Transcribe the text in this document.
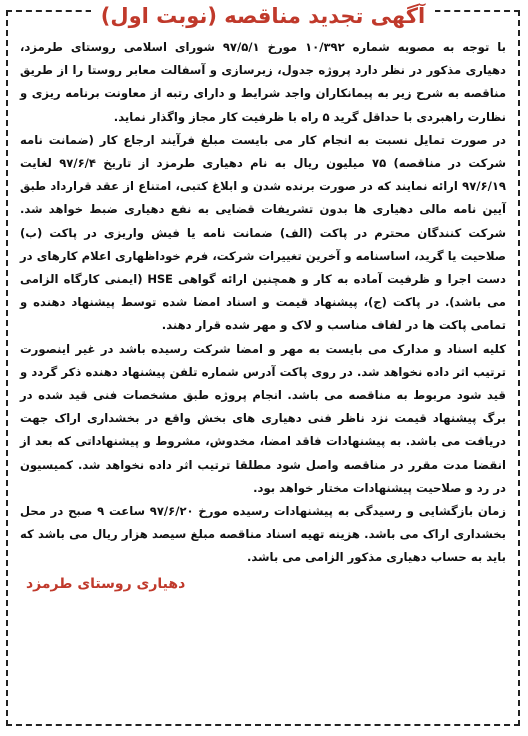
آگهی تجدید مناقصه (نوبت اول)

با توجه به مصوبه شماره ۱۰/۳۹۲ مورخ ۹۷/۵/۱ شورای اسلامی روستای طرمزد، دهیاری مذکور در نظر دارد پروژه جدول، زیرسازی و آسفالت معابر روستا را از طریق مناقصه به شرح زیر به پیمانکاران واجد شرایط و دارای رتبه از معاونت برنامه ریزی و نظارت راهبردی با حداقل گرید ۵ راه با ظرفیت کار مجاز واگذار نماید.

در صورت تمایل نسبت به انجام کار می بایست مبلغ فرآیند ارجاع کار (ضمانت نامه شرکت در مناقصه) ۷۵ میلیون ریال به نام دهیاری طرمزد از تاریخ ۹۷/۶/۴ لغایت ۹۷/۶/۱۹ ارائه نمایند که در صورت برنده شدن و ابلاغ کتبی، امتناع از عقد قرارداد طبق آیین نامه مالی دهیاری ها بدون تشریفات قضایی به نفع دهیاری ضبط خواهد شد. شرکت کنندگان محترم در پاکت (الف) ضمانت نامه یا فیش واریزی در پاکت (ب) صلاحیت یا گرید، اساسنامه و آخرین تغییرات شرکت، فرم خوداظهاری اعلام کارهای در دست اجرا و ظرفیت آماده به کار و همچنین ارائه گواهی HSE (ایمنی کارگاه الزامی می باشد). در پاکت (ج)، پیشنهاد قیمت و اسناد امضا شده توسط پیشنهاد دهنده و تمامی پاکت ها در لفاف مناسب و لاک و مهر شده قرار دهند.

کلیه اسناد و مدارک می بایست به مهر و امضا شرکت رسیده باشد در غیر اینصورت ترتیب اثر داده نخواهد شد. در روی پاکت آدرس شماره تلفن پیشنهاد دهنده ذکر گردد و قید شود مربوط به مناقصه می باشد. انجام پروژه طبق مشخصات فنی قید شده در برگ پیشنهاد قیمت نزد ناظر فنی دهیاری های بخش واقع در بخشداری اراک جهت دریافت می باشد. به پیشنهادات فاقد امضا، مخدوش، مشروط و پیشنهاداتی که بعد از انقضا مدت مقرر در مناقصه واصل شود مطلقا ترتیب اثر داده نخواهد شد. کمیسیون در رد و صلاحیت پیشنهادات مختار خواهد بود.

زمان بازگشایی و رسیدگی به پیشنهادات رسیده مورخ ۹۷/۶/۲۰ ساعت ۹ صبح در محل بخشداری اراک می باشد. هزینه تهیه اسناد مناقصه مبلغ سیصد هزار ریال می باشد که باید به حساب دهیاری مذکور الزامی می باشد.

دهیاری روستای طرمزد
